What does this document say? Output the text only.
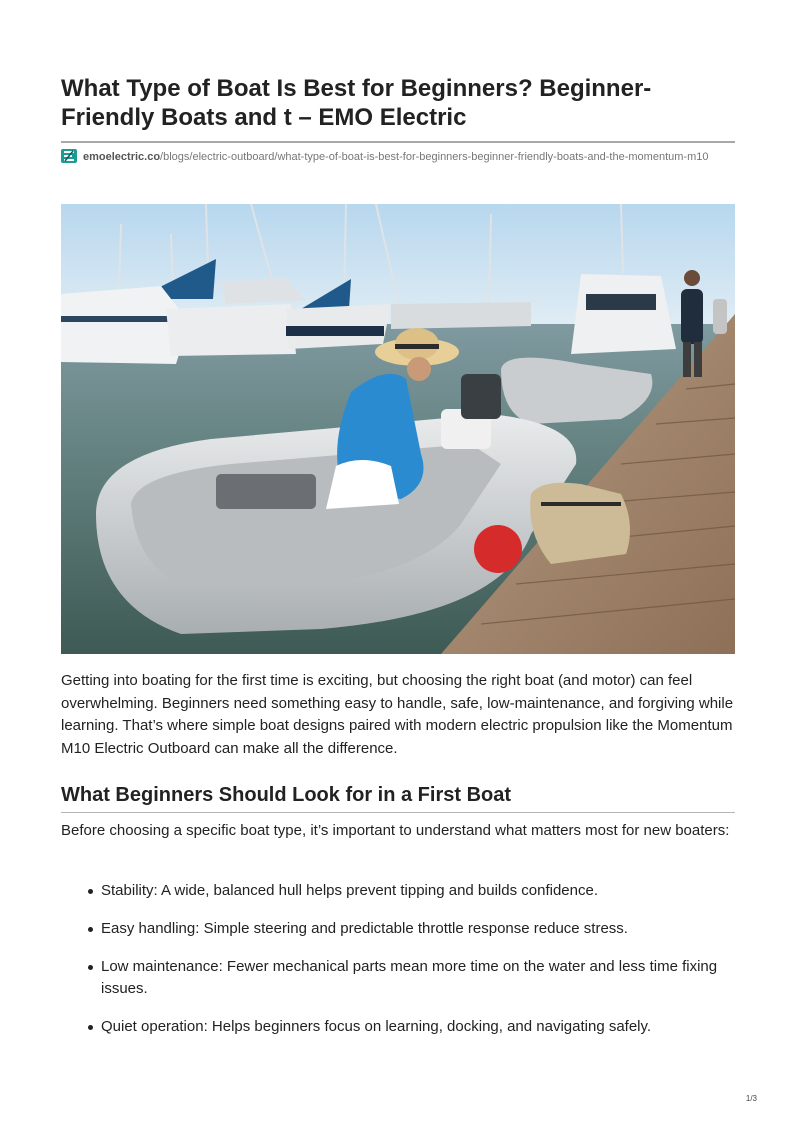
What Type of Boat Is Best for Beginners? Beginner-Friendly Boats and t – EMO Electric
emoelectric.co/blogs/electric-outboard/what-type-of-boat-is-best-for-beginners-beginner-friendly-boats-and-the-momentum-m10

Getting into boating for the first time is exciting, but choosing the right boat (and motor) can feel overwhelming. Beginners need something easy to handle, safe, low-maintenance, and forgiving while learning. That’s where simple boat designs paired with modern electric propulsion like the Momentum M10 Electric Outboard can make all the difference.

What Beginners Should Look for in a First Boat

Before choosing a specific boat type, it’s important to understand what matters most for new boaters:

Stability: A wide, balanced hull helps prevent tipping and builds confidence.
Easy handling: Simple steering and predictable throttle response reduce stress.
Low maintenance: Fewer mechanical parts mean more time on the water and less time fixing issues.
Quiet operation: Helps beginners focus on learning, docking, and navigating safely.
1/3
